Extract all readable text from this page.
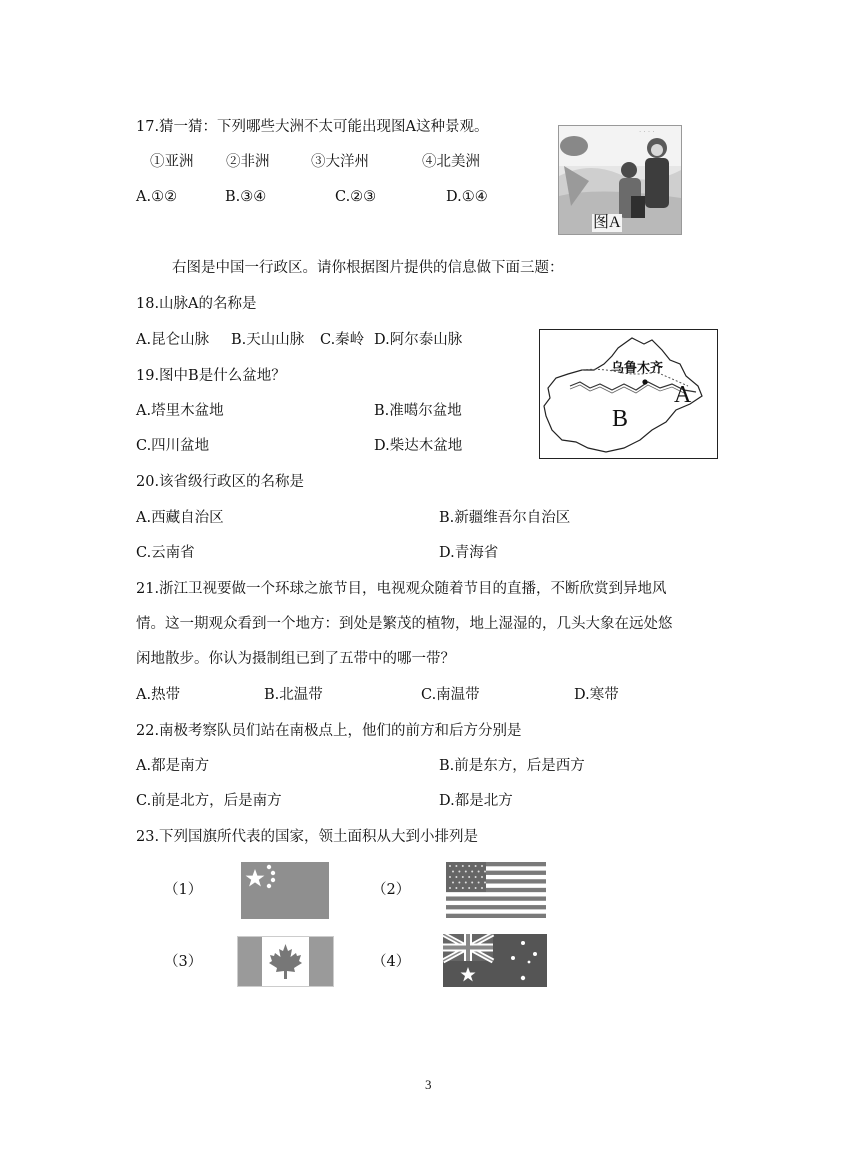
17.猜一猜：下列哪些大洲不太可能出现图A这种景观。
①亚洲 ②非洲	③大洋州	④北美洲
A.①②	B.③④	C.②③	D.①④
· · · ·
图A
右图是中国一行政区。请你根据图片提供的信息做下面三题：
18.山脉A的名称是
A.昆仑山脉 B.天山山脉 C.秦岭 D.阿尔泰山脉
乌鲁木齐
A
B
19.图中B是什么盆地？
A.塔里木盆地	B.准噶尔盆地
C.四川盆地	D.柴达木盆地
20.该省级行政区的名称是
A.西藏自治区	B.新疆维吾尔自治区
C.云南省	D.青海省
21.浙江卫视要做一个环球之旅节目，电视观众随着节目的直播，不断欣赏到异地风
情。这一期观众看到一个地方：到处是繁茂的植物，地上湿湿的，几头大象在远处悠
闲地散步。你认为摄制组已到了五带中的哪一带？
A.热带	B.北温带	C.南温带	D.寒带
22.南极考察队员们站在南极点上，他们的前方和后方分别是
A.都是南方	B.前是东方，后是西方
C.前是北方，后是南方	D.都是北方
23.下列国旗所代表的国家，领土面积从大到小排列是
（1）	（2）
（3）	（4）
3
